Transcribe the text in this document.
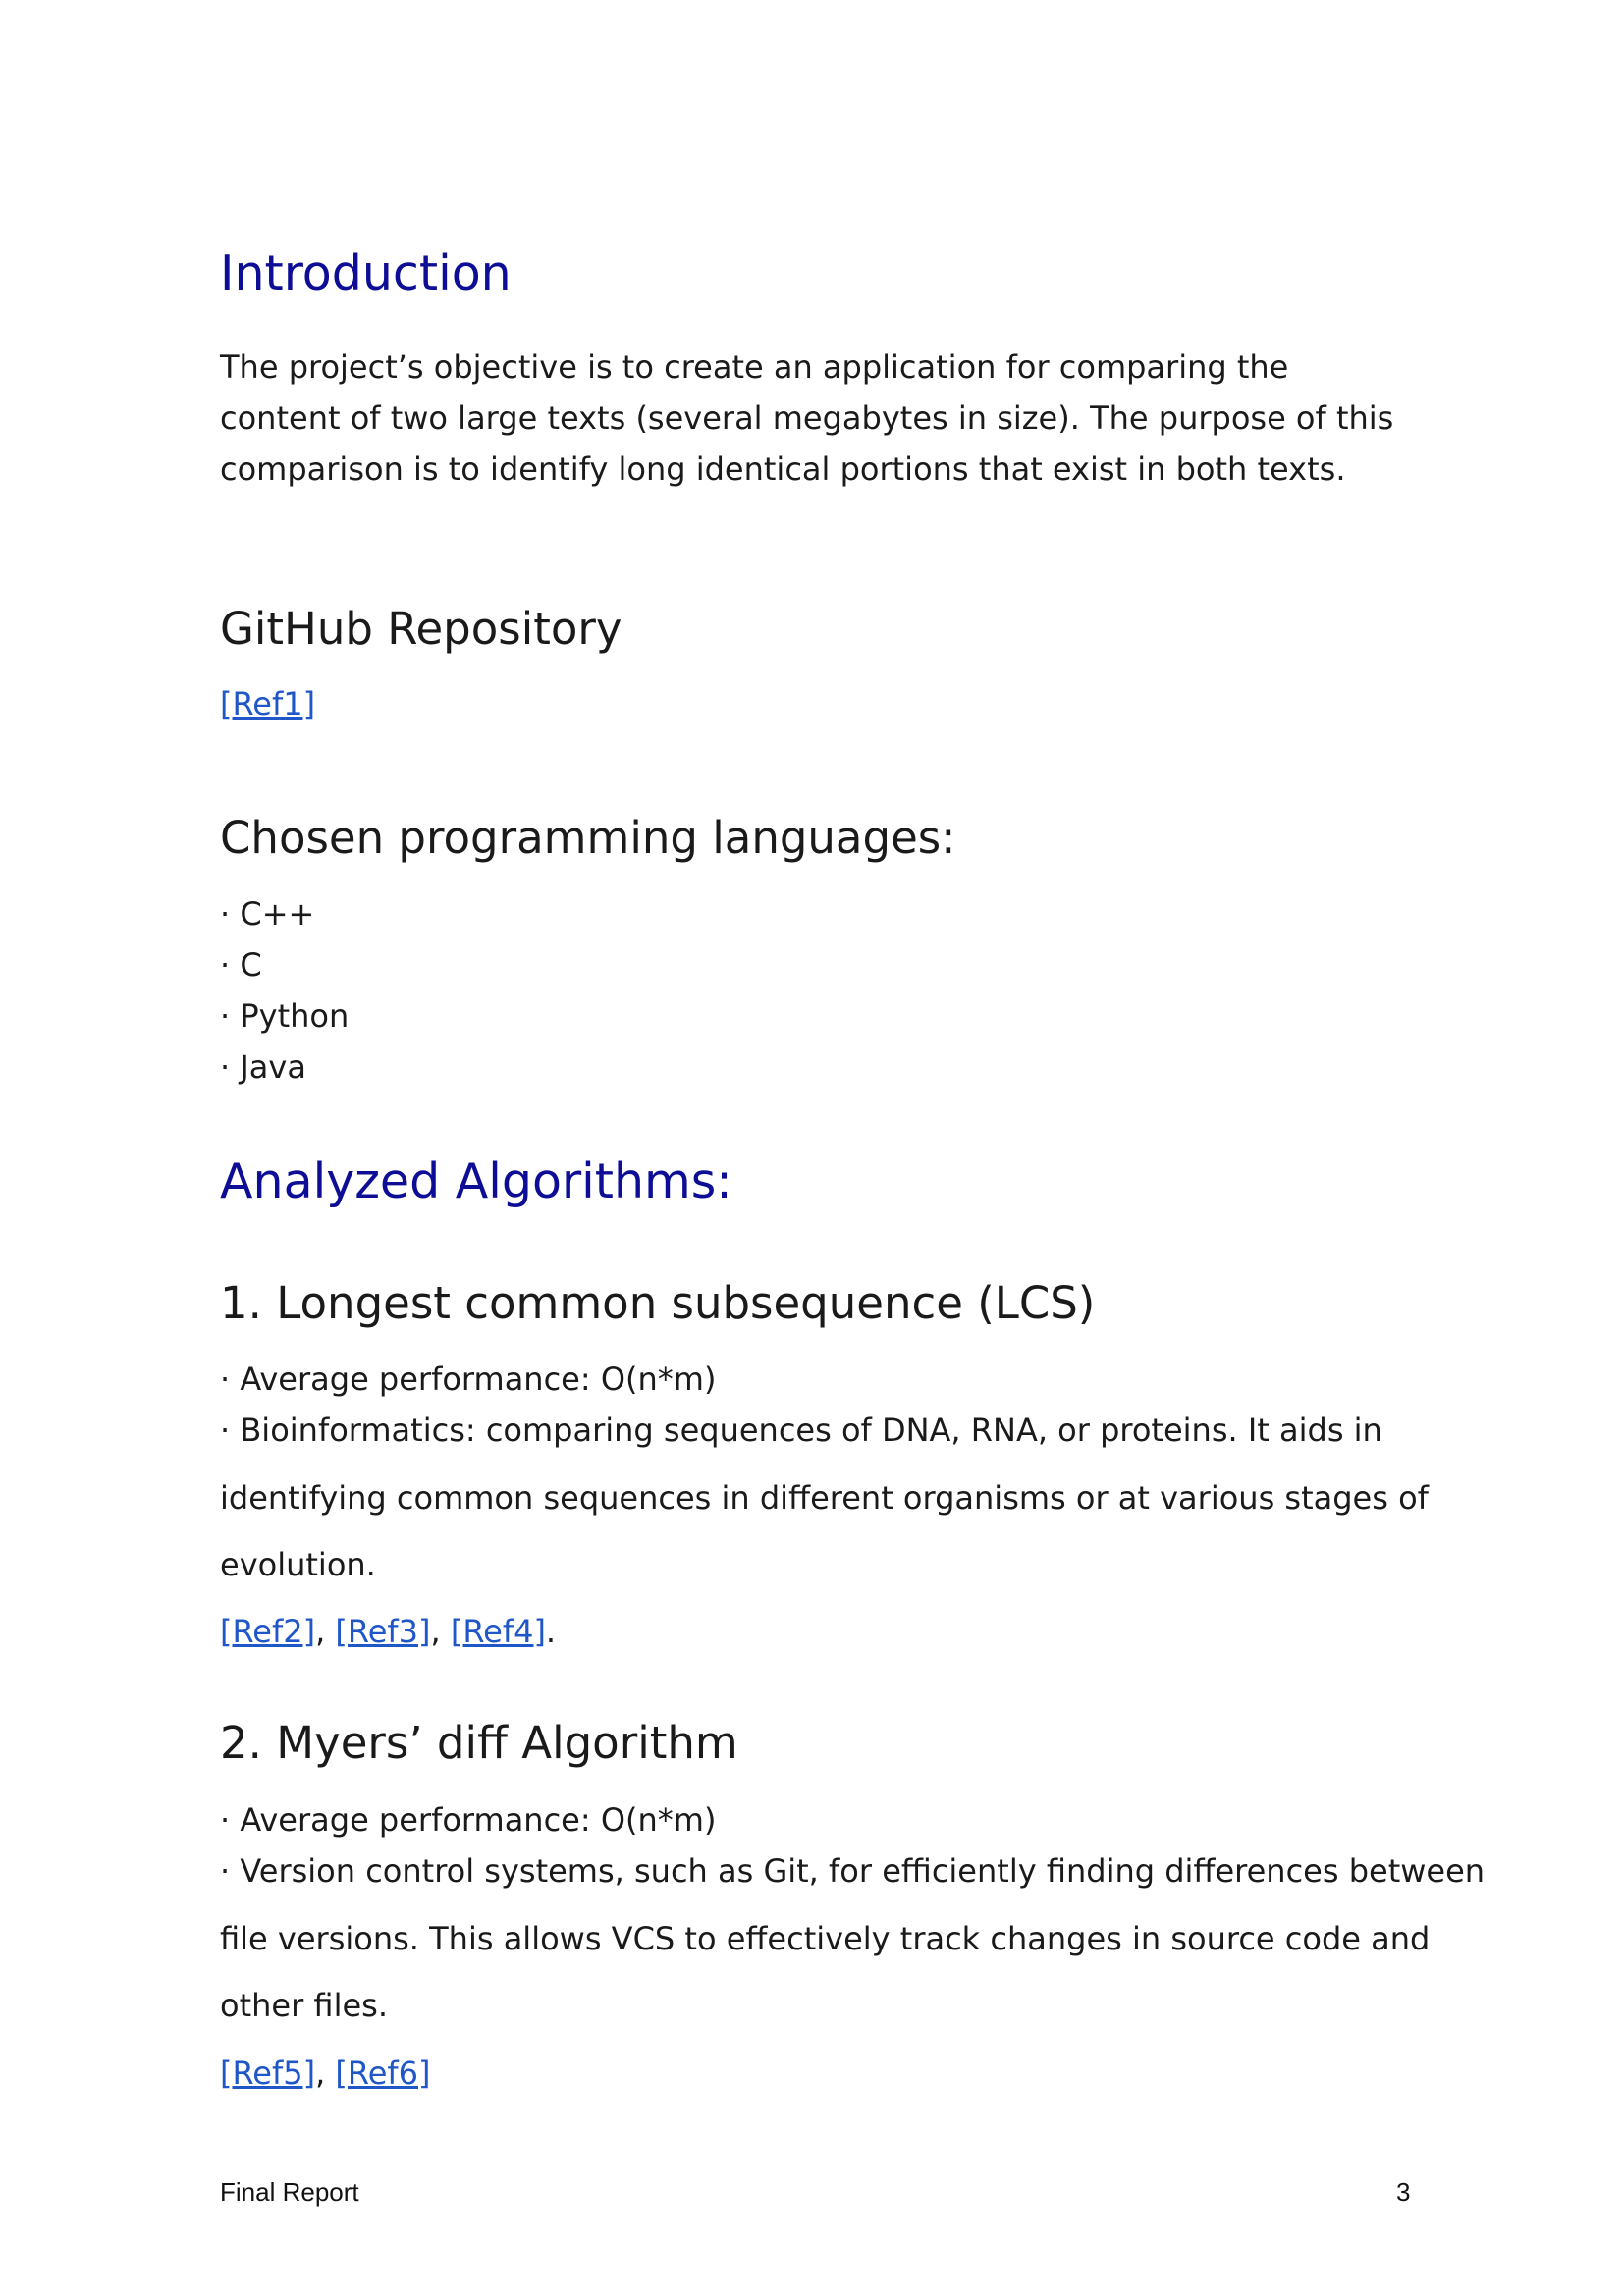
Introduction

The project’s objective is to create an application for comparing the content of two large texts (several megabytes in size). The purpose of this comparison is to identify long identical portions that exist in both texts.

GitHub Repository
[Ref1]
Chosen programming languages:
· C++
· C
· Python
· Java
Analyzed Algorithms:
1. Longest common subsequence (LCS)
· Average performance: O(n*m)
· Bioinformatics: comparing sequences of DNA, RNA, or proteins. It aids in
identifying common sequences in different organisms or at various stages of
evolution.
[Ref2], [Ref3], [Ref4].
2. Myers’ diff Algorithm
· Average performance: O(n*m)
· Version control systems, such as Git, for efficiently finding differences between
file versions. This allows VCS to effectively track changes in source code and
other files.
[Ref5], [Ref6]
Final Report	3
